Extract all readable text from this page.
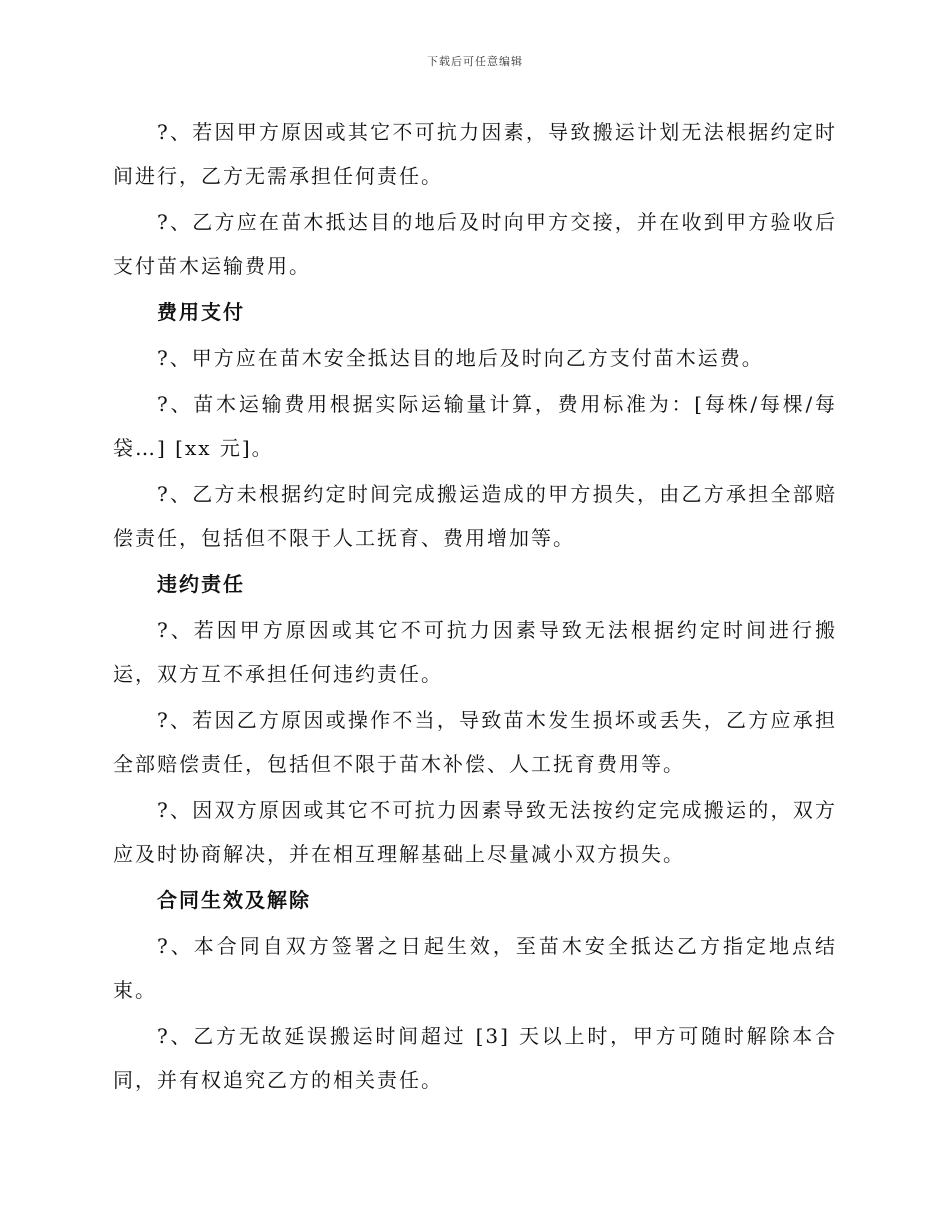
下载后可任意编辑

?、若因甲方原因或其它不可抗力因素，导致搬运计划无法根据约定时间进行，乙方无需承担任何责任。

?、乙方应在苗木抵达目的地后及时向甲方交接，并在收到甲方验收后支付苗木运输费用。

费用支付

?、甲方应在苗木安全抵达目的地后及时向乙方支付苗木运费。

?、苗木运输费用根据实际运输量计算，费用标准为：[每株/每棵/每袋…] [xx 元]。

?、乙方未根据约定时间完成搬运造成的甲方损失，由乙方承担全部赔偿责任，包括但不限于人工抚育、费用增加等。

违约责任

?、若因甲方原因或其它不可抗力因素导致无法根据约定时间进行搬运，双方互不承担任何违约责任。

?、若因乙方原因或操作不当，导致苗木发生损坏或丢失，乙方应承担全部赔偿责任，包括但不限于苗木补偿、人工抚育费用等。

?、因双方原因或其它不可抗力因素导致无法按约定完成搬运的，双方应及时协商解决，并在相互理解基础上尽量减小双方损失。

合同生效及解除

?、本合同自双方签署之日起生效，至苗木安全抵达乙方指定地点结束。

?、乙方无故延误搬运时间超过 [3] 天以上时，甲方可随时解除本合同，并有权追究乙方的相关责任。
